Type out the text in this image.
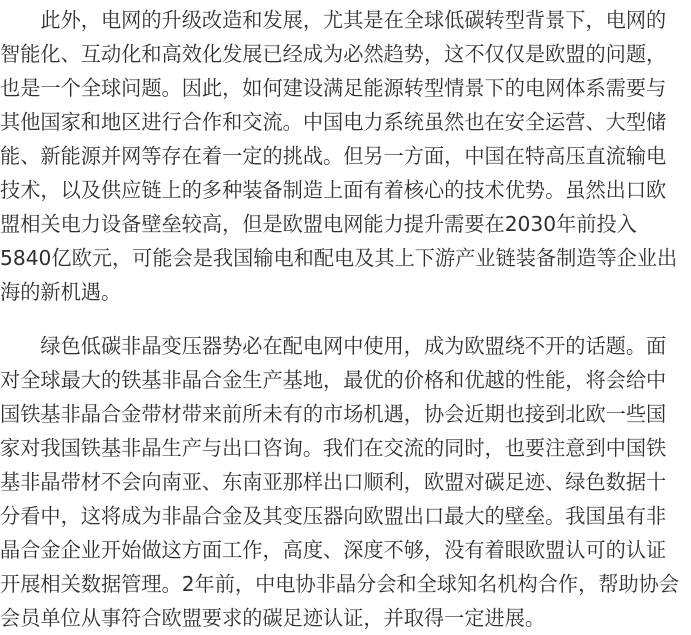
　　此外，电网的升级改造和发展，尤其是在全球低碳转型背景下，电网的
智能化、互动化和高效化发展已经成为必然趋势，这不仅仅是欧盟的问题，
也是一个全球问题。因此，如何建设满足能源转型情景下的电网体系需要与
其他国家和地区进行合作和交流。中国电力系统虽然也在安全运营、大型储
能、新能源并网等存在着一定的挑战。但另一方面，中国在特高压直流输电
技术，以及供应链上的多种装备制造上面有着核心的技术优势。虽然出口欧
盟相关电力设备壁垒较高，但是欧盟电网能力提升需要在2030年前投入
5840亿欧元，可能会是我国输电和配电及其上下游产业链装备制造等企业出
海的新机遇。
　　绿色低碳非晶变压器势必在配电网中使用，成为欧盟绕不开的话题。面
对全球最大的铁基非晶合金生产基地，最优的价格和优越的性能，将会给中
国铁基非晶合金带材带来前所未有的市场机遇，协会近期也接到北欧一些国
家对我国铁基非晶生产与出口咨询。我们在交流的同时，也要注意到中国铁
基非晶带材不会向南亚、东南亚那样出口顺利，欧盟对碳足迹、绿色数据十
分看中，这将成为非晶合金及其变压器向欧盟出口最大的壁垒。我国虽有非
晶合金企业开始做这方面工作，高度、深度不够，没有着眼欧盟认可的认证
开展相关数据管理。2年前，中电协非晶分会和全球知名机构合作，帮助协会
会员单位从事符合欧盟要求的碳足迹认证，并取得一定进展。
